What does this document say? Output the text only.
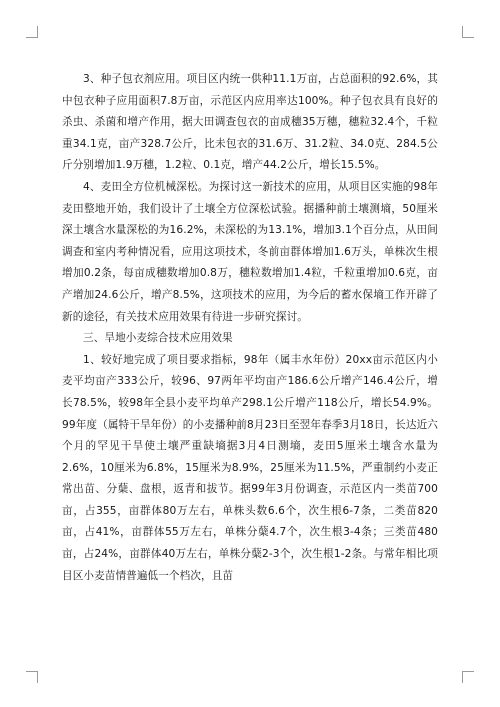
3、种子包衣剂应用。项目区内统一供种11.1万亩，占总面积的92.6%，其中包衣种子应用面积7.8万亩，示范区内应用率达100%。种子包衣具有良好的杀虫、杀菌和增产作用，据大田调查包衣的亩成穗35万穗，穗粒32.4个，千粒重34.1克，亩产328.7公斤，比未包衣的31.6万、31.2粒、34.0克、284.5公斤分别增加1.9万穗，1.2粒、0.1克，增产44.2公斤，增长15.5%。

4、麦田全方位机械深松。为探讨这一新技术的应用，从项目区实施的98年麦田整地开始，我们设计了土壤全方位深松试验。据播种前土壤测墒，50厘米深土壤含水量深松的为16.2%，未深松的为13.1%，增加3.1个百分点，从田间调查和室内考种情况看，应用这项技术，冬前亩群体增加1.6万头，单株次生根增加0.2条，每亩成穗数增加0.8万，穗粒数增加1.4粒，千粒重增加0.6克，亩产增加24.6公斤，增产8.5%，这项技术的应用，为今后的蓄水保墒工作开辟了新的途径，有关技术应用效果有待进一步研究探讨。

三、旱地小麦综合技术应用效果

1、较好地完成了项目要求指标，98年（属丰水年份）20xx亩示范区内小麦平均亩产333公斤，较96、97两年平均亩产186.6公斤增产146.4公斤，增长78.5%，较98年全县小麦平均单产298.1公斤增产118公斤，增长54.9%。99年度（属特干旱年份）的小麦播种前8月23日至翌年春季3月18日，长达近六个月的罕见干旱使土壤严重缺墒据3月4日测墒，麦田5厘米土壤含水量为2.6%，10厘米为6.8%，15厘米为8.9%，25厘米为11.5%，严重制约小麦正常出苗、分蘖、盘根，返青和拔节。据99年3月份调查，示范区内一类苗700亩，占355，亩群体80万左右，单株头数6.6个，次生根6-7条，二类苗820亩，占41%，亩群体55万左右，单株分蘖4.7个，次生根3-4条；三类苗480亩，占24%，亩群体40万左右，单株分蘖2-3个，次生根1-2条。与常年相比项目区小麦苗情普遍低一个档次，且苗
